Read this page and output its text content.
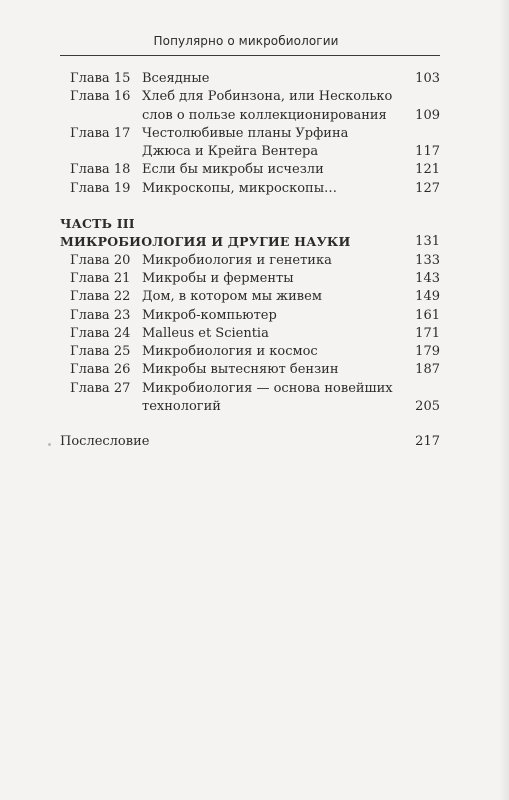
Популярно о микробиологии
Глава 15 Всеядные	103
Глава 16 Хлеб для Робинзона, или Несколько слов о пользе коллекционирования	109
Глава 17 Честолюбивые планы Урфина Джюса и Крейга Вентера	117
Глава 18 Если бы микробы исчезли	121
Глава 19 Микроскопы, микроскопы…	127
ЧАСТЬ III
МИКРОБИОЛОГИЯ И ДРУГИЕ НАУКИ	131
Глава 20 Микробиология и генетика	133
Глава 21 Микробы и ферменты	143
Глава 22 Дом, в котором мы живем	149
Глава 23 Микроб-компьютер	161
Глава 24 Malleus et Scientia	171
Глава 25 Микробиология и космос	179
Глава 26 Микробы вытесняют бензин	187
Глава 27 Микробиология — основа новейших технологий	205
Послесловие	217
